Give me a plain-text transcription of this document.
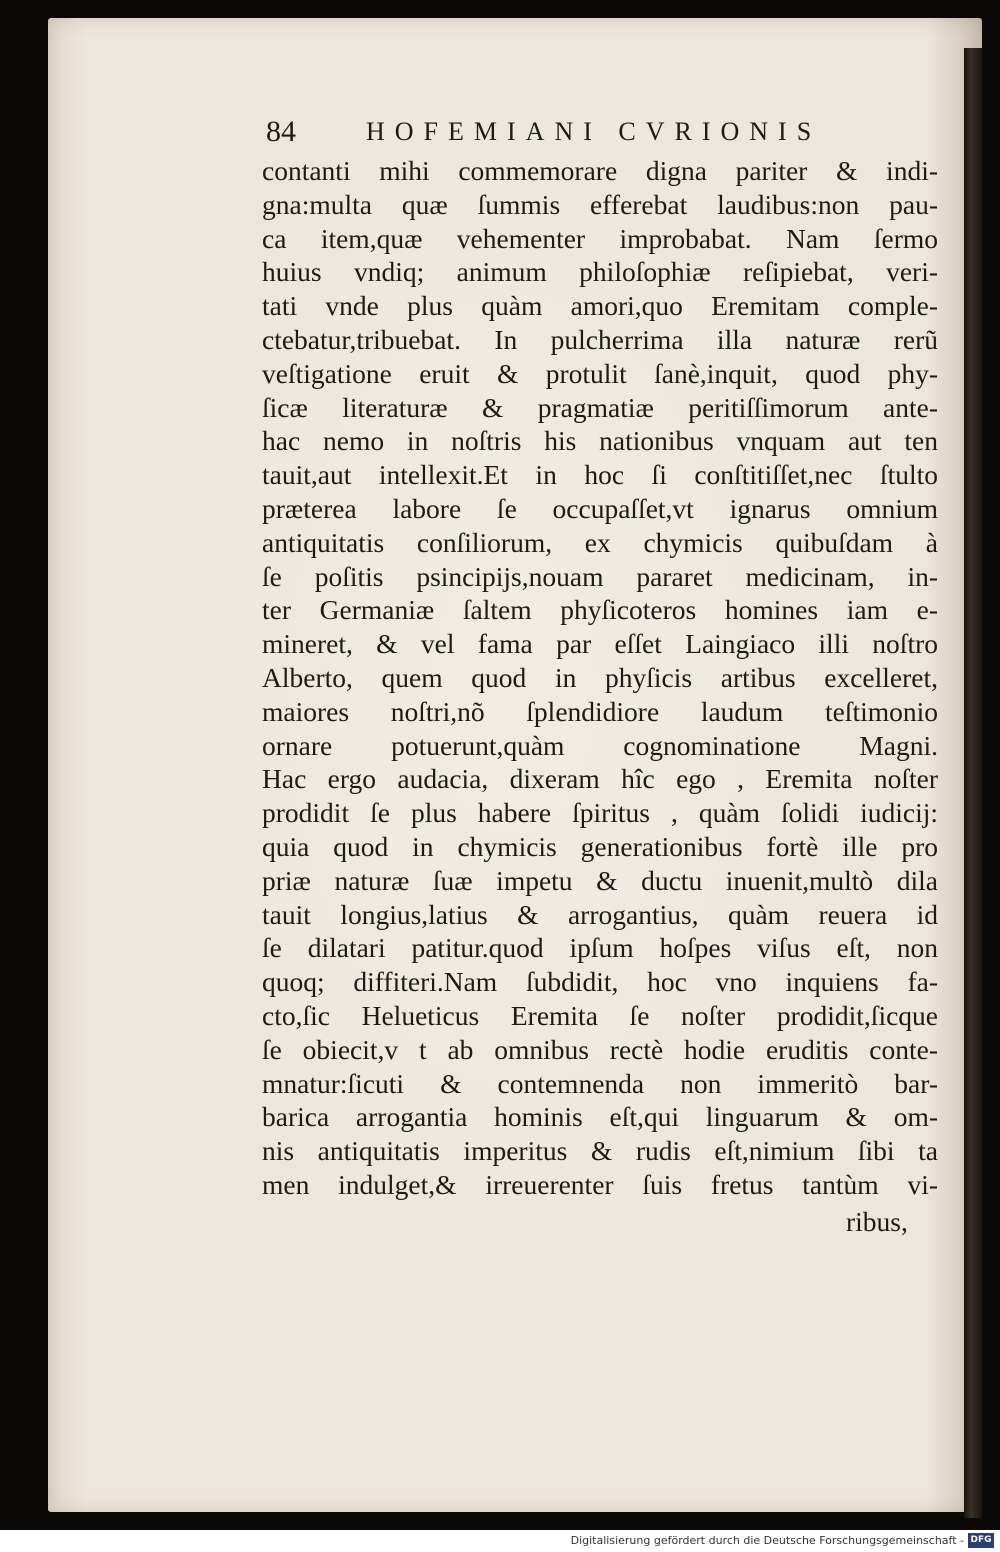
84	HOFEMIANI CVRIONIS
contanti mihi commemorare digna pariter & indi-
gna:multa quæ ſummis efferebat laudibus:non pau-
ca item,quæ vehementer improbabat. Nam ſermo
huius vndiq; animum philoſophiæ reſipiebat, veri-
tati vnde plus quàm amori,quo Eremitam comple-
ctebatur,tribuebat. In pulcherrima illa naturæ rerũ
veſtigatione eruit & protulit ſanè,inquit, quod phy-
ſicæ literaturæ & pragmatiæ peritiſſimorum ante-
hac nemo in noſtris his nationibus vnquam aut ten
tauit,aut intellexit.Et in hoc ſi conſtitiſſet,nec ſtulto
præterea labore ſe occupaſſet,vt ignarus omnium
antiquitatis conſiliorum, ex chymicis quibuſdam à
ſe poſitis psincipijs,nouam pararet medicinam, in-
ter Germaniæ ſaltem phyſicoteros homines iam e-
mineret, & vel fama par eſſet Laingiaco illi noſtro
Alberto, quem quod in phyſicis artibus excelleret,
maiores noſtri,nõ ſplendidiore laudum teſtimonio
ornare potuerunt,quàm cognominatione Magni.
Hac ergo audacia, dixeram hîc ego , Eremita noſter
prodidit ſe plus habere ſpiritus , quàm ſolidi iudicij:
quia quod in chymicis generationibus fortè ille pro
priæ naturæ ſuæ impetu & ductu inuenit,multò dila
tauit longius,latius & arrogantius, quàm reuera id
ſe dilatari patitur.quod ipſum hoſpes viſus eſt, non
quoq; diffiteri.Nam ſubdidit, hoc vno inquiens fa-
cto,ſic Helueticus Eremita ſe noſter prodidit,ſicque
ſe obiecit,v t ab omnibus rectè hodie eruditis conte-
mnatur:ſicuti & contemnenda non immeritò bar-
barica arrogantia hominis eſt,qui linguarum & om-
nis antiquitatis imperitus & rudis eſt,nimium ſibi ta
men indulget,& irreuerenter ſuis fretus tantùm vi-
ribus,
Digitalisierung gefördert durch die Deutsche Forschungsgemeinschaft - DFG
